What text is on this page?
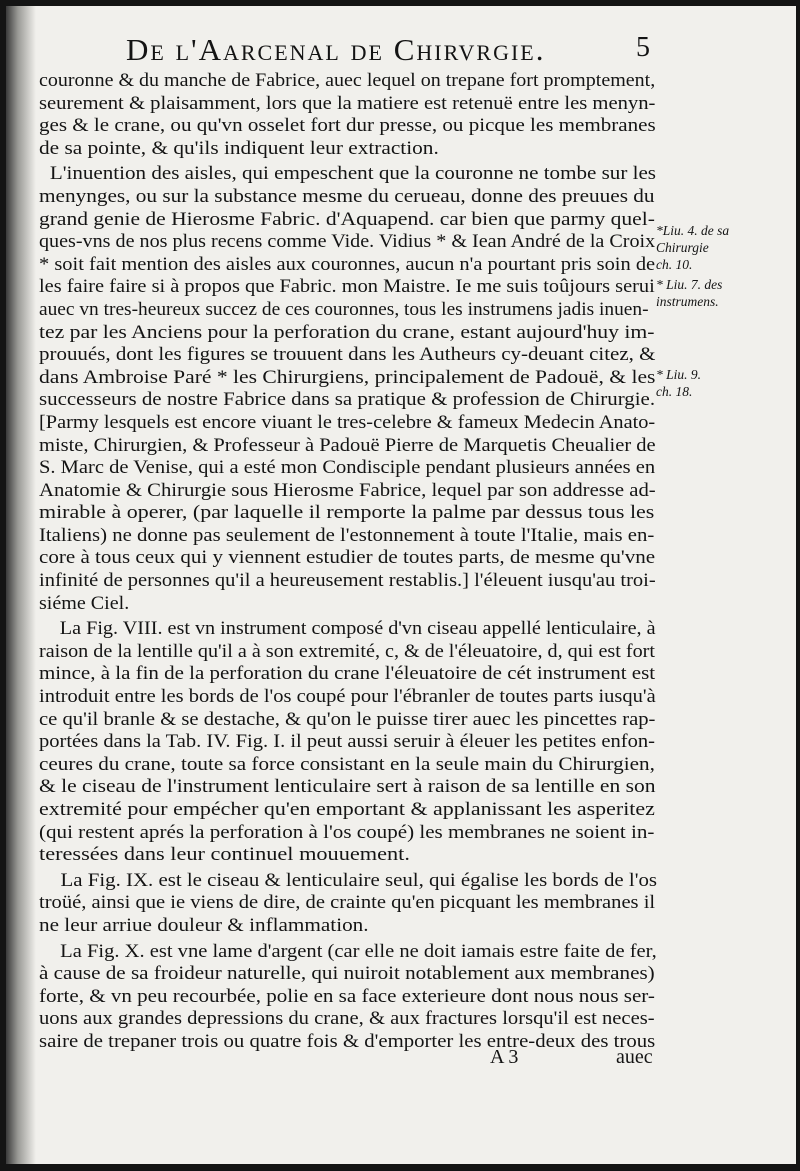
De l'Aarcenal de Chirvrgie.	5
couronne & du manche de Fabrice, auec lequel on trepane fort promptement,
seurement & plaisamment, lors que la matiere est retenuë entre les menyn-
ges & le crane, ou qu'vn osselet fort dur presse, ou picque les membranes
de sa pointe, & qu'ils indiquent leur extraction.
L'inuention des aisles, qui empeschent que la couronne ne tombe sur les
menynges, ou sur la substance mesme du cerueau, donne des preuues du
grand genie de Hierosme Fabric. d'Aquapend. car bien que parmy quel-
ques-vns de nos plus recens comme Vide. Vidius * & Iean André de la Croix
* soit fait mention des aisles aux couronnes, aucun n'a pourtant pris soin de
les faire faire si à propos que Fabric. mon Maistre. Ie me suis toûjours serui
auec vn tres-heureux succez de ces couronnes, tous les instrumens jadis inuen-
tez par les Anciens pour la perforation du crane, estant aujourd'huy im-
prouués, dont les figures se trouuent dans les Autheurs cy-deuant citez, &
dans Ambroise Paré * les Chirurgiens, principalement de Padouë, & les
successeurs de nostre Fabrice dans sa pratique & profession de Chirurgie.
[Parmy lesquels est encore viuant le tres-celebre & fameux Medecin Anato-
miste, Chirurgien, & Professeur à Padouë Pierre de Marquetis Cheualier de
S. Marc de Venise, qui a esté mon Condisciple pendant plusieurs années en
Anatomie & Chirurgie sous Hierosme Fabrice, lequel par son addresse ad-
mirable à operer, (par laquelle il remporte la palme par dessus tous les
Italiens) ne donne pas seulement de l'estonnement à toute l'Italie, mais en-
core à tous ceux qui y viennent estudier de toutes parts, de mesme qu'vne
infinité de personnes qu'il a heureusement restablis.] l'éleuent iusqu'au troi-
siéme Ciel.
La Fig. VIII. est vn instrument composé d'vn ciseau appellé lenticulaire, à
raison de la lentille qu'il a à son extremité, c, & de l'éleuatoire, d, qui est fort
mince, à la fin de la perforation du crane l'éleuatoire de cét instrument est
introduit entre les bords de l'os coupé pour l'ébranler de toutes parts iusqu'à
ce qu'il branle & se destache, & qu'on le puisse tirer auec les pincettes rap-
portées dans la Tab. IV. Fig. I. il peut aussi seruir à éleuer les petites enfon-
ceures du crane, toute sa force consistant en la seule main du Chirurgien,
& le ciseau de l'instrument lenticulaire sert à raison de sa lentille en son
extremité pour empécher qu'en emportant & applanissant les asperitez
(qui restent aprés la perforation à l'os coupé) les membranes ne soient in-
teressées dans leur continuel mouuement.
La Fig. IX. est le ciseau & lenticulaire seul, qui égalise les bords de l'os
troüé, ainsi que ie viens de dire, de crainte qu'en picquant les membranes il
ne leur arriue douleur & inflammation.
La Fig. X. est vne lame d'argent (car elle ne doit iamais estre faite de fer,
à cause de sa froideur naturelle, qui nuiroit notablement aux membranes)
forte, & vn peu recourbée, polie en sa face exterieure dont nous nous ser-
uons aux grandes depressions du crane, & aux fractures lorsqu'il est neces-
saire de trepaner trois ou quatre fois & d'emporter les entre-deux des trous
*Liu. 4. de sa
Chirurgie
ch. 10.
* Liu. 7. des
instrumens.
* Liu. 9.
ch. 18.
A 3	auec
